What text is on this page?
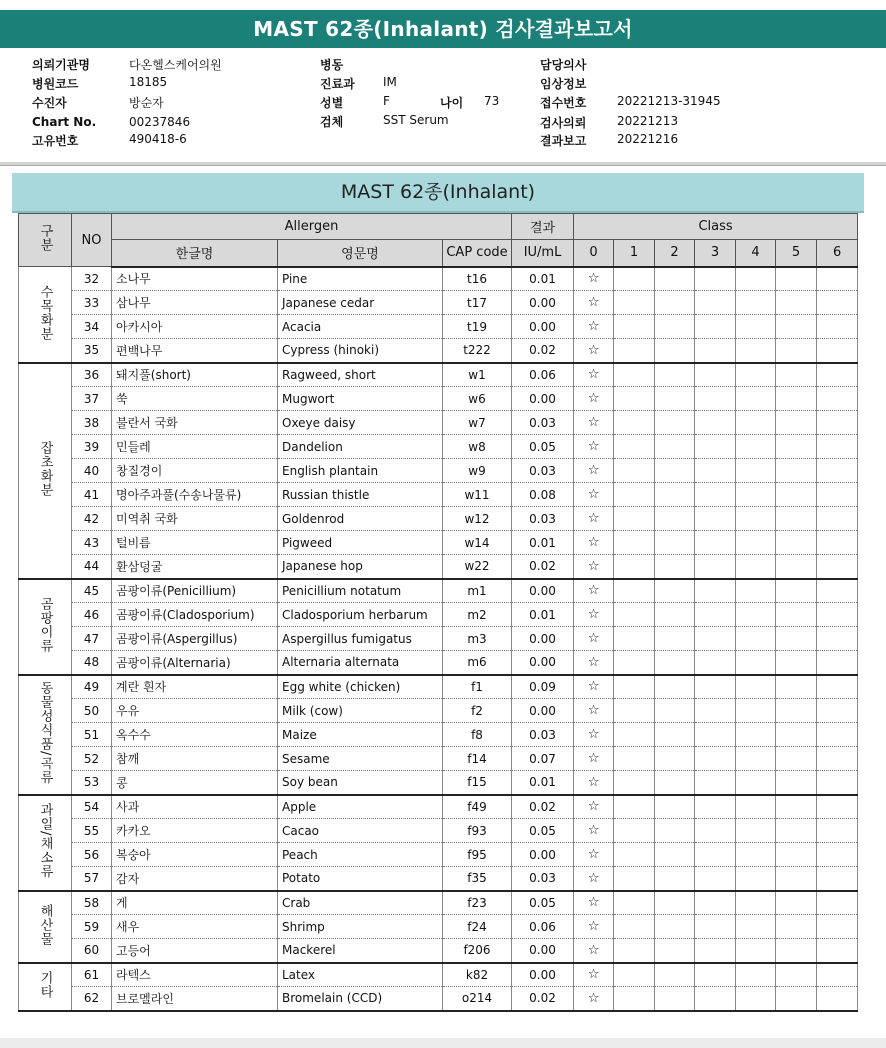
MAST 62종(Inhalant) 검사결과보고서
의뢰기관명	다온헬스케어의원
병원코드	18185
수진자	방순자
Chart No.	00237846
고유번호	490418-6
병동
진료과 IM
성별	F	나이 73
검체	SST Serum
담당의사
임상정보
접수번호	20221213-31945
검사의뢰	20221213
결과보고	20221216
MAST 62종(Inhalant)
구분	NO	Allergen			결과	Class						
		한글명	영문명	CAP code	IU/mL	0	1	2	3	4	5	6
수목화분	32	소나무	Pine	t16	0.01	☆						
	33	삼나무	Japanese cedar	t17	0.00	☆						
	34	아카시아	Acacia	t19	0.00	☆						
	35	편백나무	Cypress (hinoki)	t222	0.02	☆						
잡초화분	36	돼지풀(short)	Ragweed, short	w1	0.06	☆						
	37	쑥	Mugwort	w6	0.00	☆						
	38	불란서 국화	Oxeye daisy	w7	0.03	☆						
	39	민들레	Dandelion	w8	0.05	☆						
	40	창질경이	English plantain	w9	0.03	☆						
	41	명아주과풀(수송나물류)	Russian thistle	w11	0.08	☆						
	42	미역취 국화	Goldenrod	w12	0.03	☆						
	43	털비름	Pigweed	w14	0.01	☆						
	44	환삼덩굴	Japanese hop	w22	0.02	☆						
곰팡이류	45	곰팡이류(Penicillium)	Penicillium notatum	m1	0.00	☆						
	46	곰팡이류(Cladosporium)	Cladosporium herbarum	m2	0.01	☆						
	47	곰팡이류(Aspergillus)	Aspergillus fumigatus	m3	0.00	☆						
	48	곰팡이류(Alternaria)	Alternaria alternata	m6	0.00	☆						
동물성식품/곡류	49	계란 흰자	Egg white (chicken)	f1	0.09	☆						
	50	우유	Milk (cow)	f2	0.00	☆						
	51	옥수수	Maize	f8	0.03	☆						
	52	참깨	Sesame	f14	0.07	☆						
	53	콩	Soy bean	f15	0.01	☆						
과일/채소류	54	사과	Apple	f49	0.02	☆						
	55	카카오	Cacao	f93	0.05	☆						
	56	복숭아	Peach	f95	0.00	☆						
	57	감자	Potato	f35	0.03	☆						
해산물	58	게	Crab	f23	0.05	☆						
	59	새우	Shrimp	f24	0.06	☆						
	60	고등어	Mackerel	f206	0.00	☆						
기타	61	라텍스	Latex	k82	0.00	☆						
	62	브로멜라인	Bromelain (CCD)	o214	0.02	☆						
